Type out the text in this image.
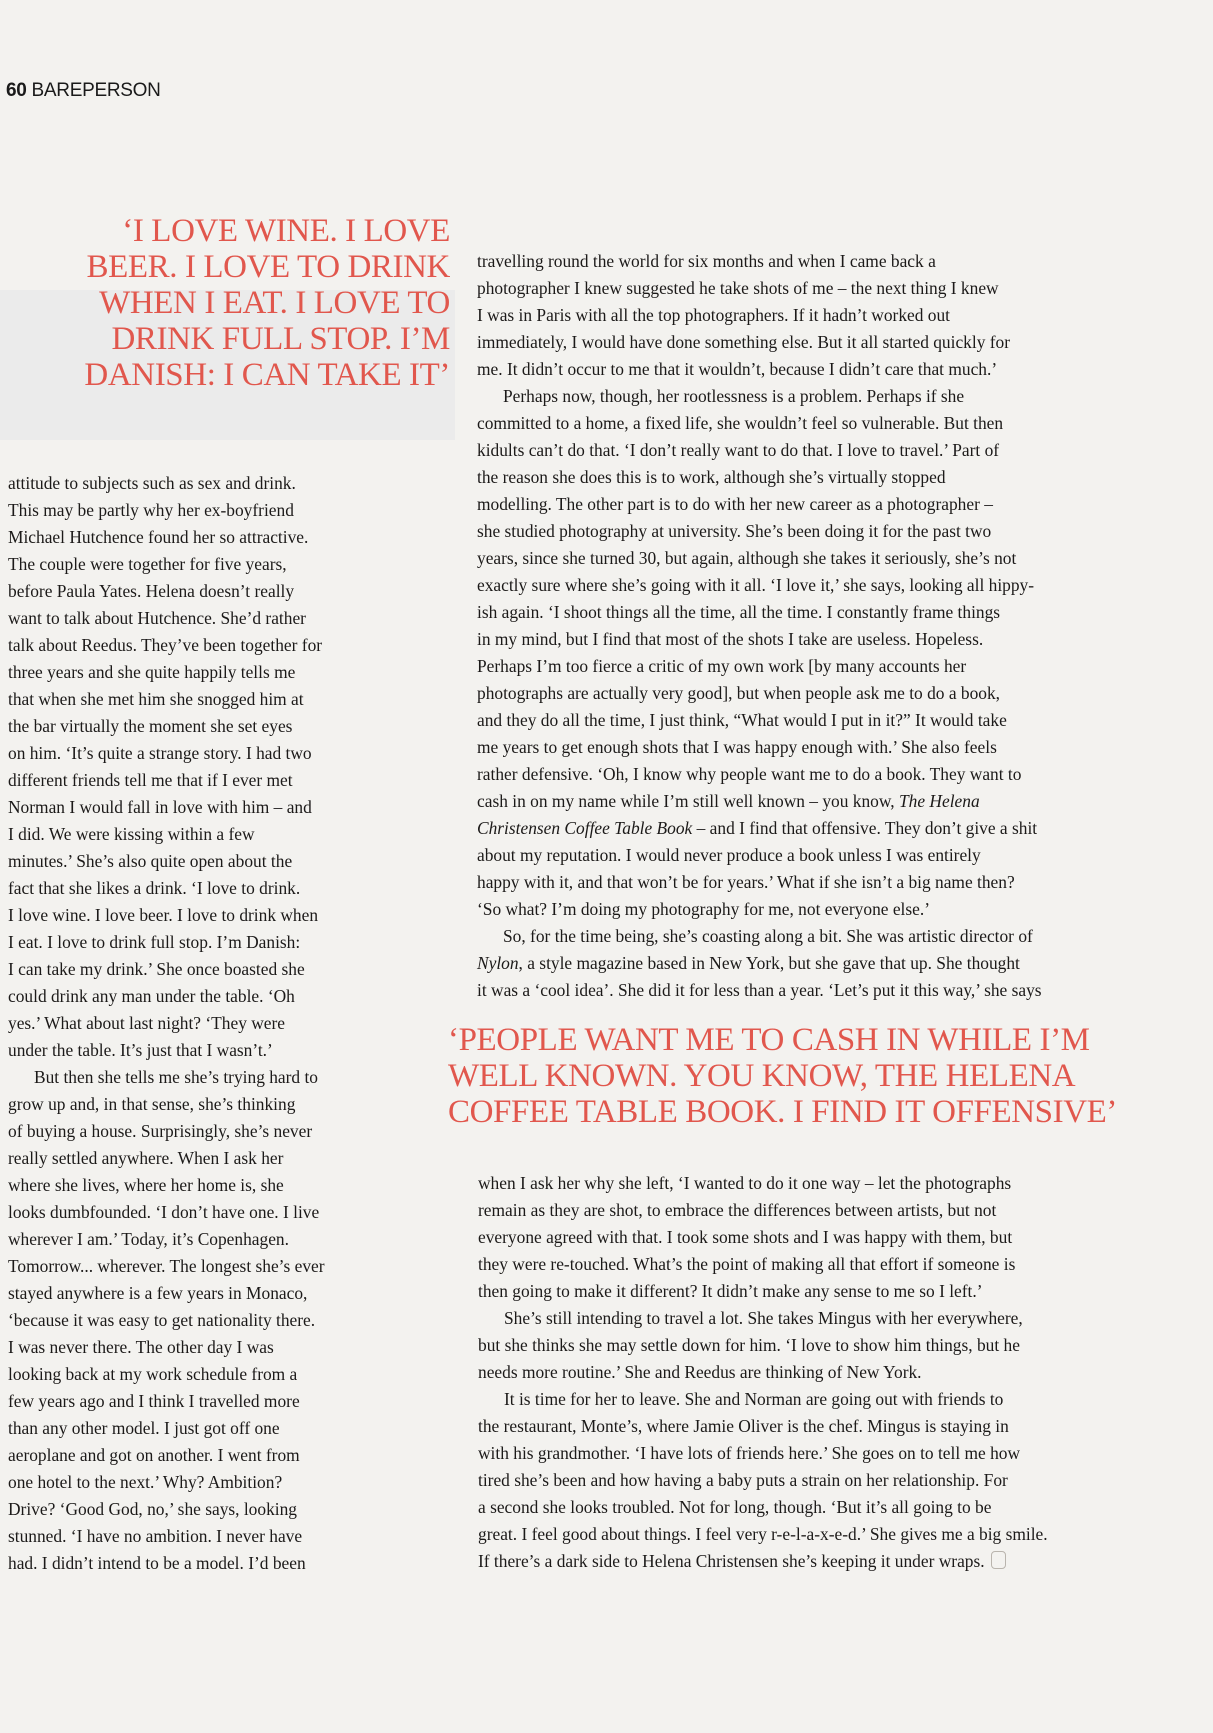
60 BAREPERSON
‘I LOVE WINE. I LOVE
BEER. I LOVE TO DRINK
WHEN I EAT. I LOVE TO
DRINK FULL STOP. I’M
DANISH: I CAN TAKE IT’
‘PEOPLE WANT ME TO CASH IN WHILE I’M
WELL KNOWN. YOU KNOW, THE HELENA
COFFEE TABLE BOOK. I FIND IT OFFENSIVE’
attitude to subjects such as sex and drink.
This may be partly why her ex-boyfriend
Michael Hutchence found her so attractive.
The couple were together for five years,
before Paula Yates. Helena doesn’t really
want to talk about Hutchence. She’d rather
talk about Reedus. They’ve been together for
three years and she quite happily tells me
that when she met him she snogged him at
the bar virtually the moment she set eyes
on him. ‘It’s quite a strange story. I had two
different friends tell me that if I ever met
Norman I would fall in love with him – and
I did. We were kissing within a few
minutes.’ She’s also quite open about the
fact that she likes a drink. ‘I love to drink.
I love wine. I love beer. I love to drink when
I eat. I love to drink full stop. I’m Danish:
I can take my drink.’ She once boasted she
could drink any man under the table. ‘Oh
yes.’ What about last night? ‘They were
under the table. It’s just that I wasn’t.’
But then she tells me she’s trying hard to
grow up and, in that sense, she’s thinking
of buying a house. Surprisingly, she’s never
really settled anywhere. When I ask her
where she lives, where her home is, she
looks dumbfounded. ‘I don’t have one. I live
wherever I am.’ Today, it’s Copenhagen.
Tomorrow... wherever. The longest she’s ever
stayed anywhere is a few years in Monaco,
‘because it was easy to get nationality there.
I was never there. The other day I was
looking back at my work schedule from a
few years ago and I think I travelled more
than any other model. I just got off one
aeroplane and got on another. I went from
one hotel to the next.’ Why? Ambition?
Drive? ‘Good God, no,’ she says, looking
stunned. ‘I have no ambition. I never have
had. I didn’t intend to be a model. I’d been
travelling round the world for six months and when I came back a
photographer I knew suggested he take shots of me – the next thing I knew
I was in Paris with all the top photographers. If it hadn’t worked out
immediately, I would have done something else. But it all started quickly for
me. It didn’t occur to me that it wouldn’t, because I didn’t care that much.’
Perhaps now, though, her rootlessness is a problem. Perhaps if she
committed to a home, a fixed life, she wouldn’t feel so vulnerable. But then
kidults can’t do that. ‘I don’t really want to do that. I love to travel.’ Part of
the reason she does this is to work, although she’s virtually stopped
modelling. The other part is to do with her new career as a photographer –
she studied photography at university. She’s been doing it for the past two
years, since she turned 30, but again, although she takes it seriously, she’s not
exactly sure where she’s going with it all. ‘I love it,’ she says, looking all hippy-
ish again. ‘I shoot things all the time, all the time. I constantly frame things
in my mind, but I find that most of the shots I take are useless. Hopeless.
Perhaps I’m too fierce a critic of my own work [by many accounts her
photographs are actually very good], but when people ask me to do a book,
and they do all the time, I just think, “What would I put in it?” It would take
me years to get enough shots that I was happy enough with.’ She also feels
rather defensive. ‘Oh, I know why people want me to do a book. They want to
cash in on my name while I’m still well known – you know, The Helena
Christensen Coffee Table Book – and I find that offensive. They don’t give a shit
about my reputation. I would never produce a book unless I was entirely
happy with it, and that won’t be for years.’ What if she isn’t a big name then?
‘So what? I’m doing my photography for me, not everyone else.’
So, for the time being, she’s coasting along a bit. She was artistic director of
Nylon, a style magazine based in New York, but she gave that up. She thought
it was a ‘cool idea’. She did it for less than a year. ‘Let’s put it this way,’ she says
when I ask her why she left, ‘I wanted to do it one way – let the photographs
remain as they are shot, to embrace the differences between artists, but not
everyone agreed with that. I took some shots and I was happy with them, but
they were re-touched. What’s the point of making all that effort if someone is
then going to make it different? It didn’t make any sense to me so I left.’
She’s still intending to travel a lot. She takes Mingus with her everywhere,
but she thinks she may settle down for him. ‘I love to show him things, but he
needs more routine.’ She and Reedus are thinking of New York.
It is time for her to leave. She and Norman are going out with friends to
the restaurant, Monte’s, where Jamie Oliver is the chef. Mingus is staying in
with his grandmother. ‘I have lots of friends here.’ She goes on to tell me how
tired she’s been and how having a baby puts a strain on her relationship. For
a second she looks troubled. Not for long, though. ‘But it’s all going to be
great. I feel good about things. I feel very r-e-l-a-x-e-d.’ She gives me a big smile.
If there’s a dark side to Helena Christensen she’s keeping it under wraps.
